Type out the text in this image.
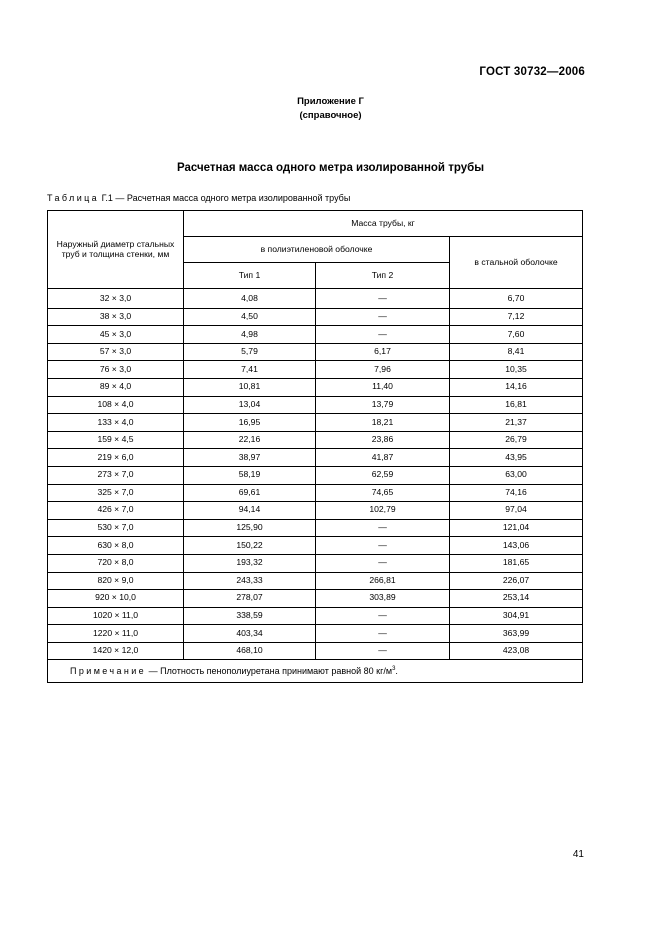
ГОСТ 30732—2006
Приложение Г
(справочное)
Расчетная масса одного метра изолированной трубы
Таблица Г.1 — Расчетная масса одного метра изолированной трубы
Наружный диаметр стальных труб и толщина стенки, мм	Масса трубы, кг		
	в полиэтиленовой оболочке		в стальной оболочке
	Тип 1	Тип 2	
32 × 3,0	4,08	—	6,70
38 × 3,0	4,50	—	7,12
45 × 3,0	4,98	—	7,60
57 × 3,0	5,79	6,17	8,41
76 × 3,0	7,41	7,96	10,35
89 × 4,0	10,81	11,40	14,16
108 × 4,0	13,04	13,79	16,81
133 × 4,0	16,95	18,21	21,37
159 × 4,5	22,16	23,86	26,79
219 × 6,0	38,97	41,87	43,95
273 × 7,0	58,19	62,59	63,00
325 × 7,0	69,61	74,65	74,16
426 × 7,0	94,14	102,79	97,04
530 × 7,0	125,90	—	121,04
630 × 8,0	150,22	—	143,06
720 × 8,0	193,32	—	181,65
820 × 9,0	243,33	266,81	226,07
920 × 10,0	278,07	303,89	253,14
1020 × 11,0	338,59	—	304,91
1220 × 11,0	403,34	—	363,99
1420 × 12,0	468,10	—	423,08
Примечание — Плотность пенополиуретана принимают равной 80 $кг/м^3$.			
41
